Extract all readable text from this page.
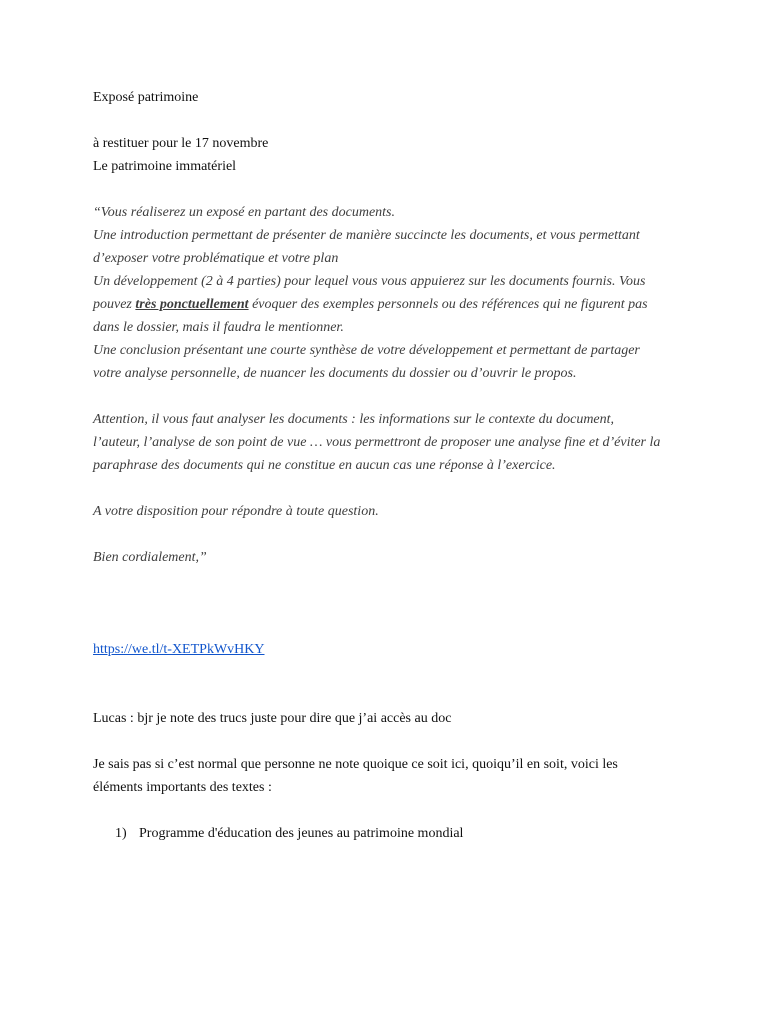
Exposé patrimoine
à restituer pour le 17 novembre
Le patrimoine immatériel
“Vous réaliserez un exposé en partant des documents.
Une introduction permettant de présenter de manière succincte les documents, et vous permettant
d’exposer votre problématique et votre plan
Un développement (2 à 4 parties) pour lequel vous vous appuierez sur les documents fournis. Vous
pouvez très ponctuellement évoquer des exemples personnels ou des références qui ne figurent pas
dans le dossier, mais il faudra le mentionner.
Une conclusion présentant une courte synthèse de votre développement et permettant de partager
votre analyse personnelle, de nuancer les documents du dossier ou d’ouvrir le propos.
Attention, il vous faut analyser les documents : les informations sur le contexte du document,
l’auteur, l’analyse de son point de vue … vous permettront de proposer une analyse fine et d’éviter la
paraphrase des documents qui ne constitue en aucun cas une réponse à l’exercice.
A votre disposition pour répondre à toute question.
Bien cordialement,”
https://we.tl/t-XETPkWvHKY
Lucas : bjr je note des trucs juste pour dire que j’ai accès au doc
Je sais pas si c’est normal que personne ne note quoique ce soit ici, quoiqu’il en soit, voici les
éléments importants des textes :
1) Programme d'éducation des jeunes au patrimoine mondial
